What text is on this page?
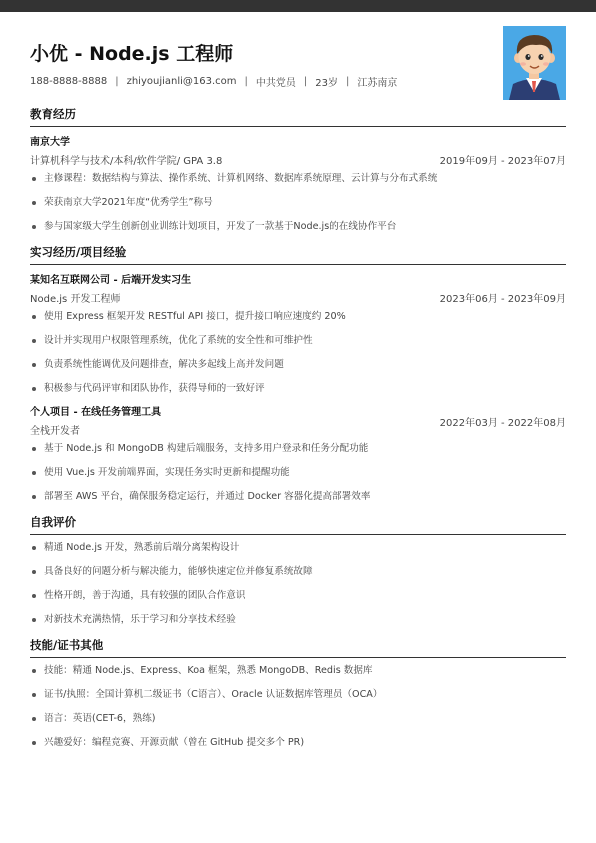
小优 - Node.js 工程师
188-8888-8888 | zhiyoujianli@163.com | 中共党员 | 23岁 | 江苏南京
教育经历
南京大学
计算机科学与技术/本科/软件学院/ GPA 3.8	2019年09月 - 2023年07月
主修课程：数据结构与算法、操作系统、计算机网络、数据库系统原理、云计算与分布式系统
荣获南京大学2021年度“优秀学生”称号
参与国家级大学生创新创业训练计划项目，开发了一款基于Node.js的在线协作平台
实习经历/项目经验
某知名互联网公司 - 后端开发实习生
Node.js 开发工程师	2023年06月 - 2023年09月
使用 Express 框架开发 RESTful API 接口，提升接口响应速度约 20%
设计并实现用户权限管理系统，优化了系统的安全性和可维护性
负责系统性能调优及问题排查，解决多起线上高并发问题
积极参与代码评审和团队协作，获得导师的一致好评
个人项目 - 在线任务管理工具
全栈开发者
2022年03月 - 2022年08月
基于 Node.js 和 MongoDB 构建后端服务，支持多用户登录和任务分配功能
使用 Vue.js 开发前端界面，实现任务实时更新和提醒功能
部署至 AWS 平台，确保服务稳定运行，并通过 Docker 容器化提高部署效率
自我评价
精通 Node.js 开发，熟悉前后端分离架构设计
具备良好的问题分析与解决能力，能够快速定位并修复系统故障
性格开朗，善于沟通，具有较强的团队合作意识
对新技术充满热情，乐于学习和分享技术经验
技能/证书其他
技能：精通 Node.js、Express、Koa 框架，熟悉 MongoDB、Redis 数据库
证书/执照：全国计算机二级证书（C语言）、Oracle 认证数据库管理员（OCA）
语言：英语(CET-6，熟练)
兴趣爱好：编程竞赛、开源贡献（曾在 GitHub 提交多个 PR)
